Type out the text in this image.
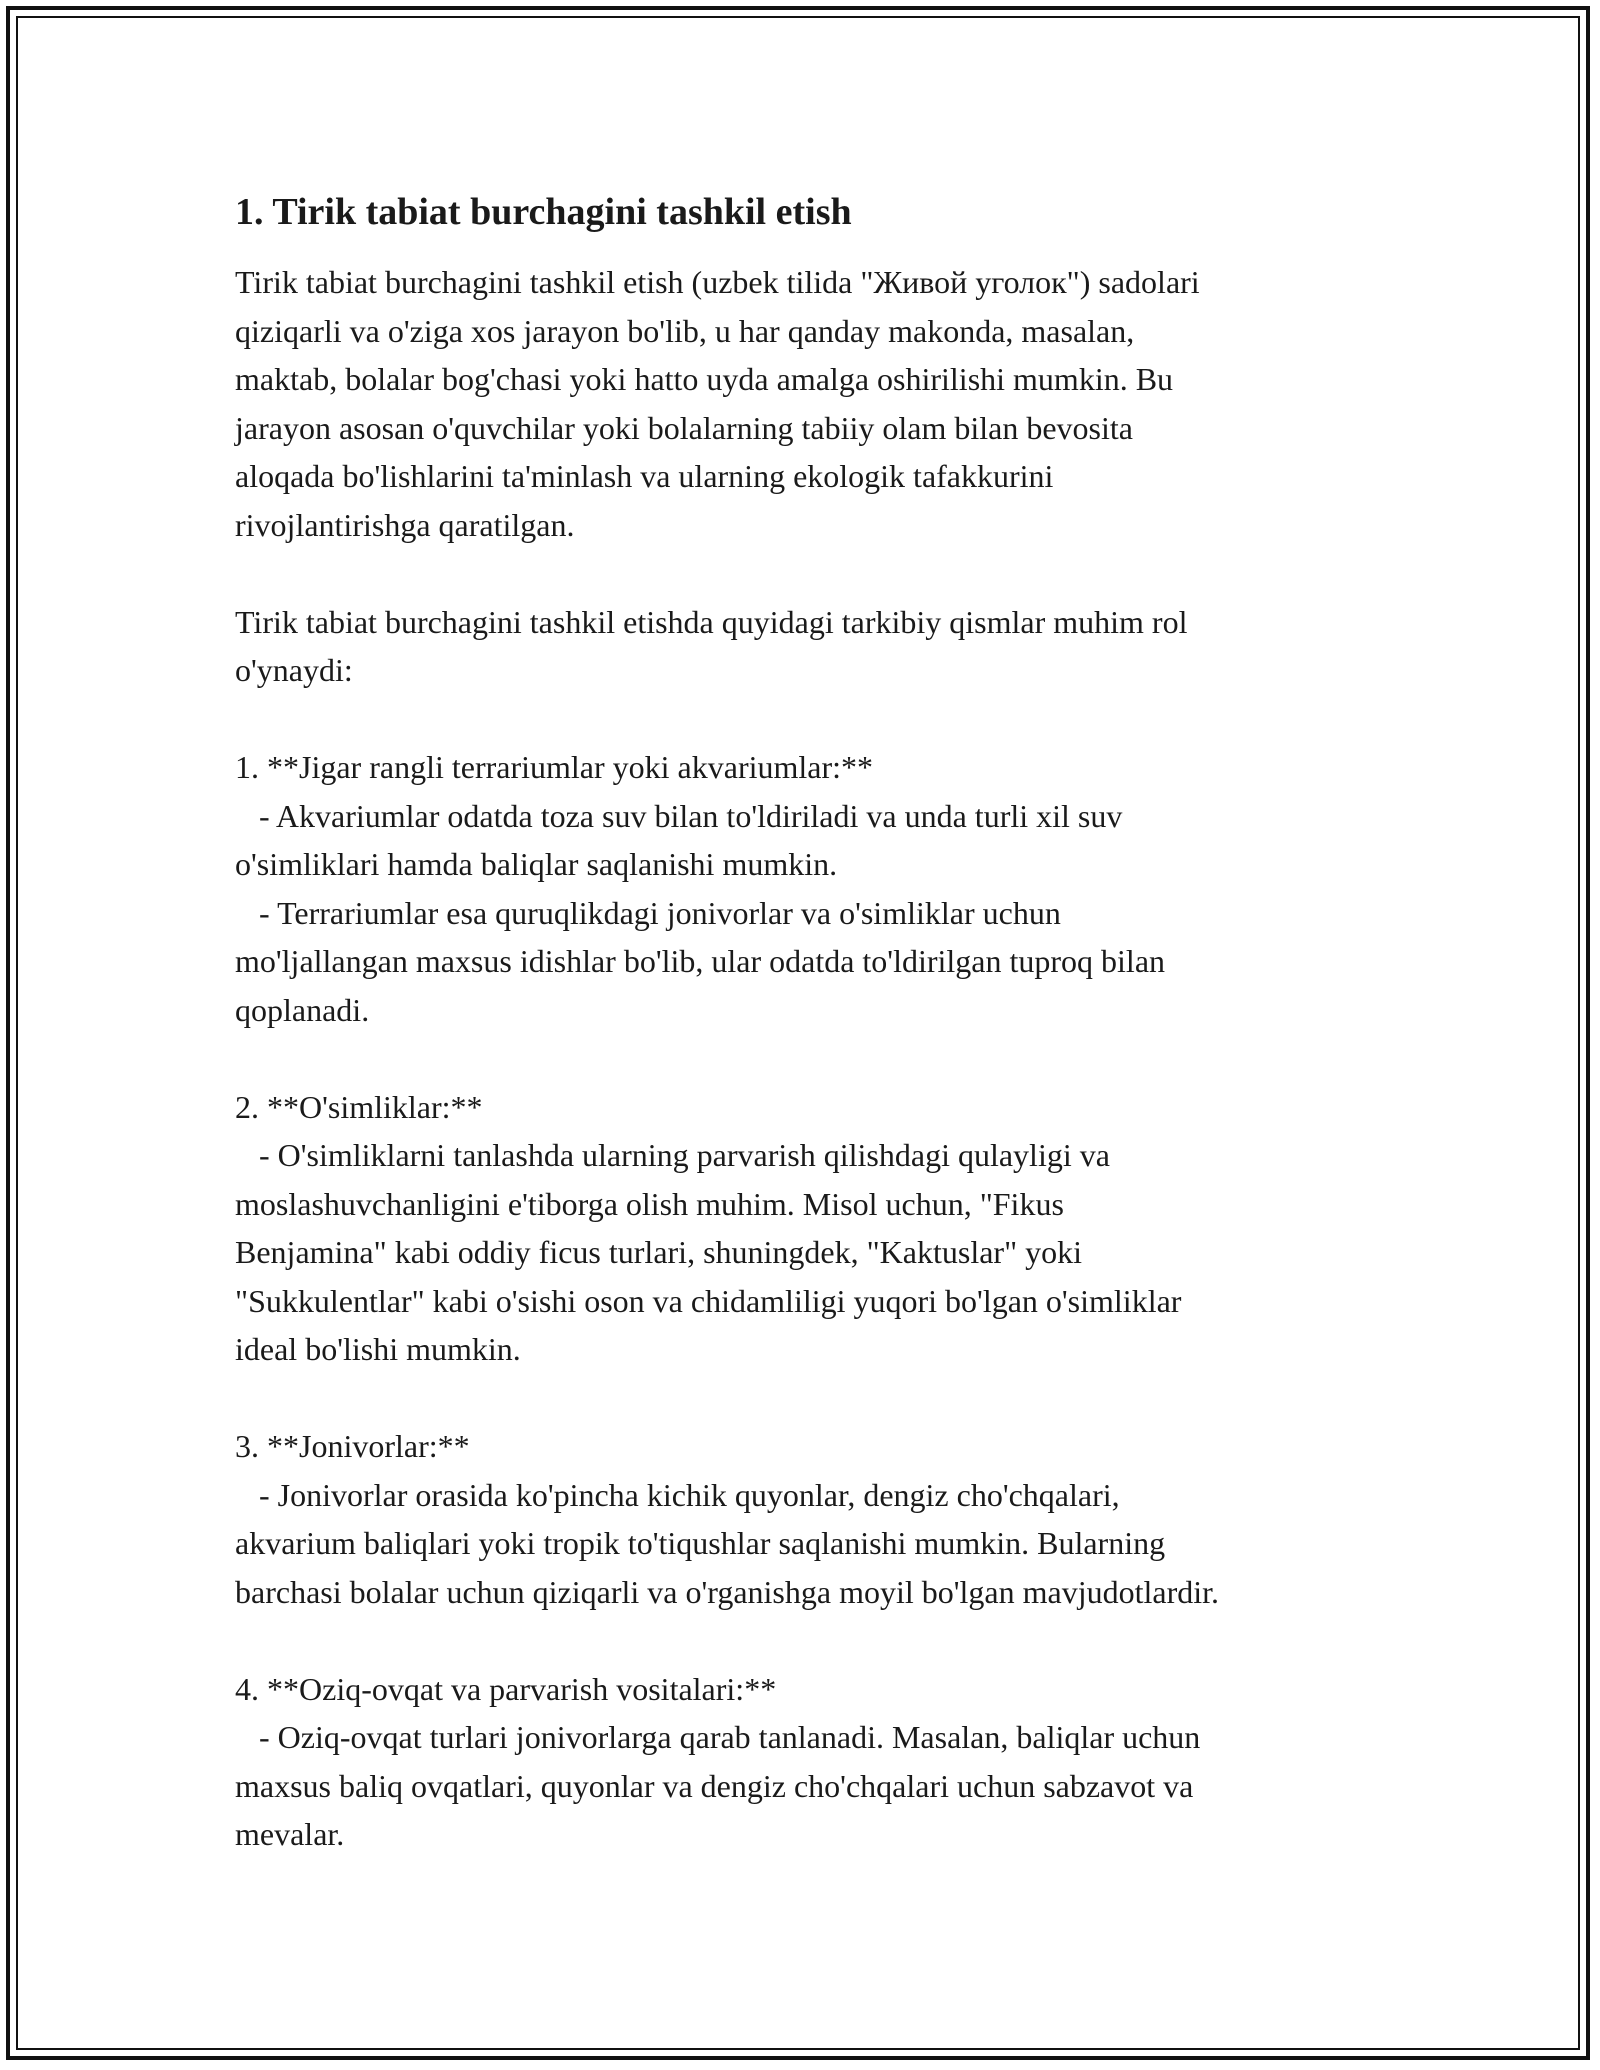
1. Tirik tabiat burchagini tashkil etish

Tirik tabiat burchagini tashkil etish (uzbek tilida "Живой уголок") sadolari
qiziqarli va o'ziga xos jarayon bo'lib, u har qanday makonda, masalan,
maktab, bolalar bog'chasi yoki hatto uyda amalga oshirilishi mumkin. Bu
jarayon asosan o'quvchilar yoki bolalarning tabiiy olam bilan bevosita
aloqada bo'lishlarini ta'minlash va ularning ekologik tafakkurini
rivojlantirishga qaratilgan.

Tirik tabiat burchagini tashkil etishda quyidagi tarkibiy qismlar muhim rol
o'ynaydi:

1. **Jigar rangli terrariumlar yoki akvariumlar:**

- Akvariumlar odatda toza suv bilan to'ldiriladi va unda turli xil suv
o'simliklari hamda baliqlar saqlanishi mumkin.
- Terrariumlar esa quruqlikdagi jonivorlar va o'simliklar uchun
mo'ljallangan maxsus idishlar bo'lib, ular odatda to'ldirilgan tuproq bilan
qoplanadi.

2. **O'simliklar:**

- O'simliklarni tanlashda ularning parvarish qilishdagi qulayligi va
moslashuvchanligini e'tiborga olish muhim. Misol uchun, "Fikus
Benjamina" kabi oddiy ficus turlari, shuningdek, "Kaktuslar" yoki
"Sukkulentlar" kabi o'sishi oson va chidamliligi yuqori bo'lgan o'simliklar
ideal bo'lishi mumkin.

3. **Jonivorlar:**

- Jonivorlar orasida ko'pincha kichik quyonlar, dengiz cho'chqalari,
akvarium baliqlari yoki tropik to'tiqushlar saqlanishi mumkin. Bularning
barchasi bolalar uchun qiziqarli va o'rganishga moyil bo'lgan mavjudotlardir.

4. **Oziq-ovqat va parvarish vositalari:**

- Oziq-ovqat turlari jonivorlarga qarab tanlanadi. Masalan, baliqlar uchun
maxsus baliq ovqatlari, quyonlar va dengiz cho'chqalari uchun sabzavot va
mevalar.
